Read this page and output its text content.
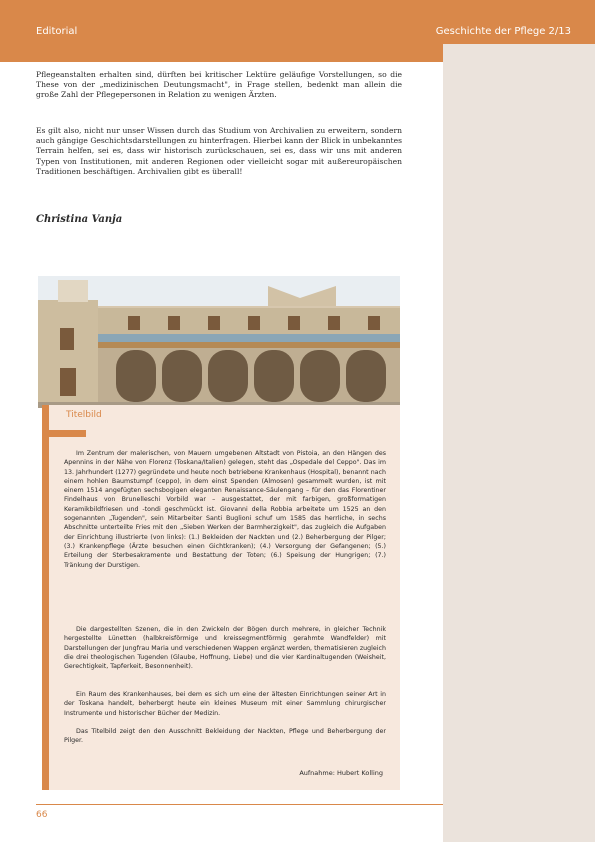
Editorial	Geschichte der Pflege 2/13

Pflegeanstalten erhalten sind, dürften bei kritischer Lektüre geläufige Vorstellungen, so die These von der „medizinischen Deutungsmacht", in Frage stellen, bedenkt man allein die große Zahl der Pflegepersonen in Relation zu wenigen Ärzten.

Es gilt also, nicht nur unser Wissen durch das Studium von Archivalien zu erweitern, sondern auch gängige Geschichtsdarstellungen zu hinterfragen. Hierbei kann der Blick in unbekanntes Terrain helfen, sei es, dass wir historisch zurückschauen, sei es, dass wir uns mit anderen Typen von Institutionen, mit anderen Regionen oder vielleicht sogar mit außereuropäischen Traditionen beschäftigen. Archivalien gibt es überall!

Christina Vanja

Titelbild

Im Zentrum der malerischen, von Mauern umgebenen Altstadt von Pistoia, an den Hängen des Apennins in der Nähe von Florenz (Toskana/Italien) gelegen, steht das „Ospedale del Ceppo". Das im 13. Jahrhundert (1277) gegründete und heute noch betriebene Krankenhaus (Hospital), benannt nach einem hohlen Baumstumpf (ceppo), in dem einst Spenden (Almosen) gesammelt wurden, ist mit einem 1514 angefügten sechsbogigen eleganten Renaissance-Säulengang – für den das Florentiner Findelhaus von Brunelleschi Vorbild war – ausgestattet, der mit farbigen, großformatigen Keramikbildfriesen und -tondi geschmückt ist. Giovanni della Robbia arbeitete um 1525 an den sogenannten „Tugenden", sein Mitarbeiter Santi Buglioni schuf um 1585 das herrliche, in sechs Abschnitte unterteilte Fries mit den „Sieben Werken der Barmherzigkeit", das zugleich die Aufgaben der Einrichtung illustrierte (von links): (1.) Bekleiden der Nackten und (2.) Beherbergung der Pilger; (3.) Krankenpflege (Ärzte besuchen einen Gichtkranken); (4.) Versorgung der Gefangenen; (5.) Erteilung der Sterbesakramente und Bestattung der Toten; (6.) Speisung der Hungrigen; (7.) Tränkung der Durstigen.

Die dargestellten Szenen, die in den Zwickeln der Bögen durch mehrere, in gleicher Technik hergestellte Lünetten (halbkreisförmige und kreissegmentförmig gerahmte Wandfelder) mit Darstellungen der Jungfrau Maria und verschiedenen Wappen ergänzt werden, thematisieren zugleich die drei theologischen Tugenden (Glaube, Hoffnung, Liebe) und die vier Kardinaltugenden (Weisheit, Gerechtigkeit, Tapferkeit, Besonnenheit).

Ein Raum des Krankenhauses, bei dem es sich um eine der ältesten Einrichtungen seiner Art in der Toskana handelt, beherbergt heute ein kleines Museum mit einer Sammlung chirurgischer Instrumente und historischer Bücher der Medizin.

Das Titelbild zeigt den den Ausschnitt Bekleidung der Nackten, Pflege und Beherbergung der Pilger.

Aufnahme: Hubert Kolling

66
